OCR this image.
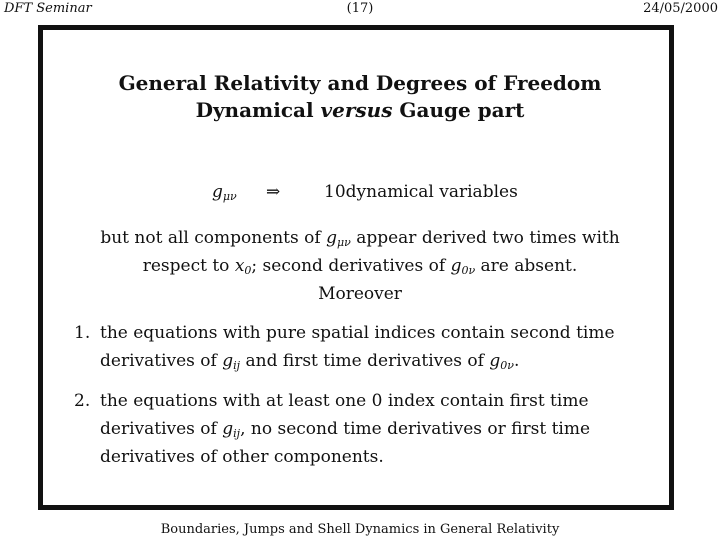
DFT Seminar	(17)	24/05/2000
General Relativity and Degrees of Freedom
Dynamical versus Gauge part
$g_{\mu\nu}$ ⇒	10dynamical variables
but not all components of $g_{\mu\nu}$ appear derived two times with
respect to $x_0$; second derivatives of $g_{0\nu}$ are absent.
Moreover
1. the equations with pure spatial indices contain second time
derivatives of $g_{ij}$ and first time derivatives of $g_{0\nu}$.
2. the equations with at least one 0 index contain first time
derivatives of $g_{ij}$, no second time derivatives or first time
derivatives of other components.
Boundaries, Jumps and Shell Dynamics in General Relativity
